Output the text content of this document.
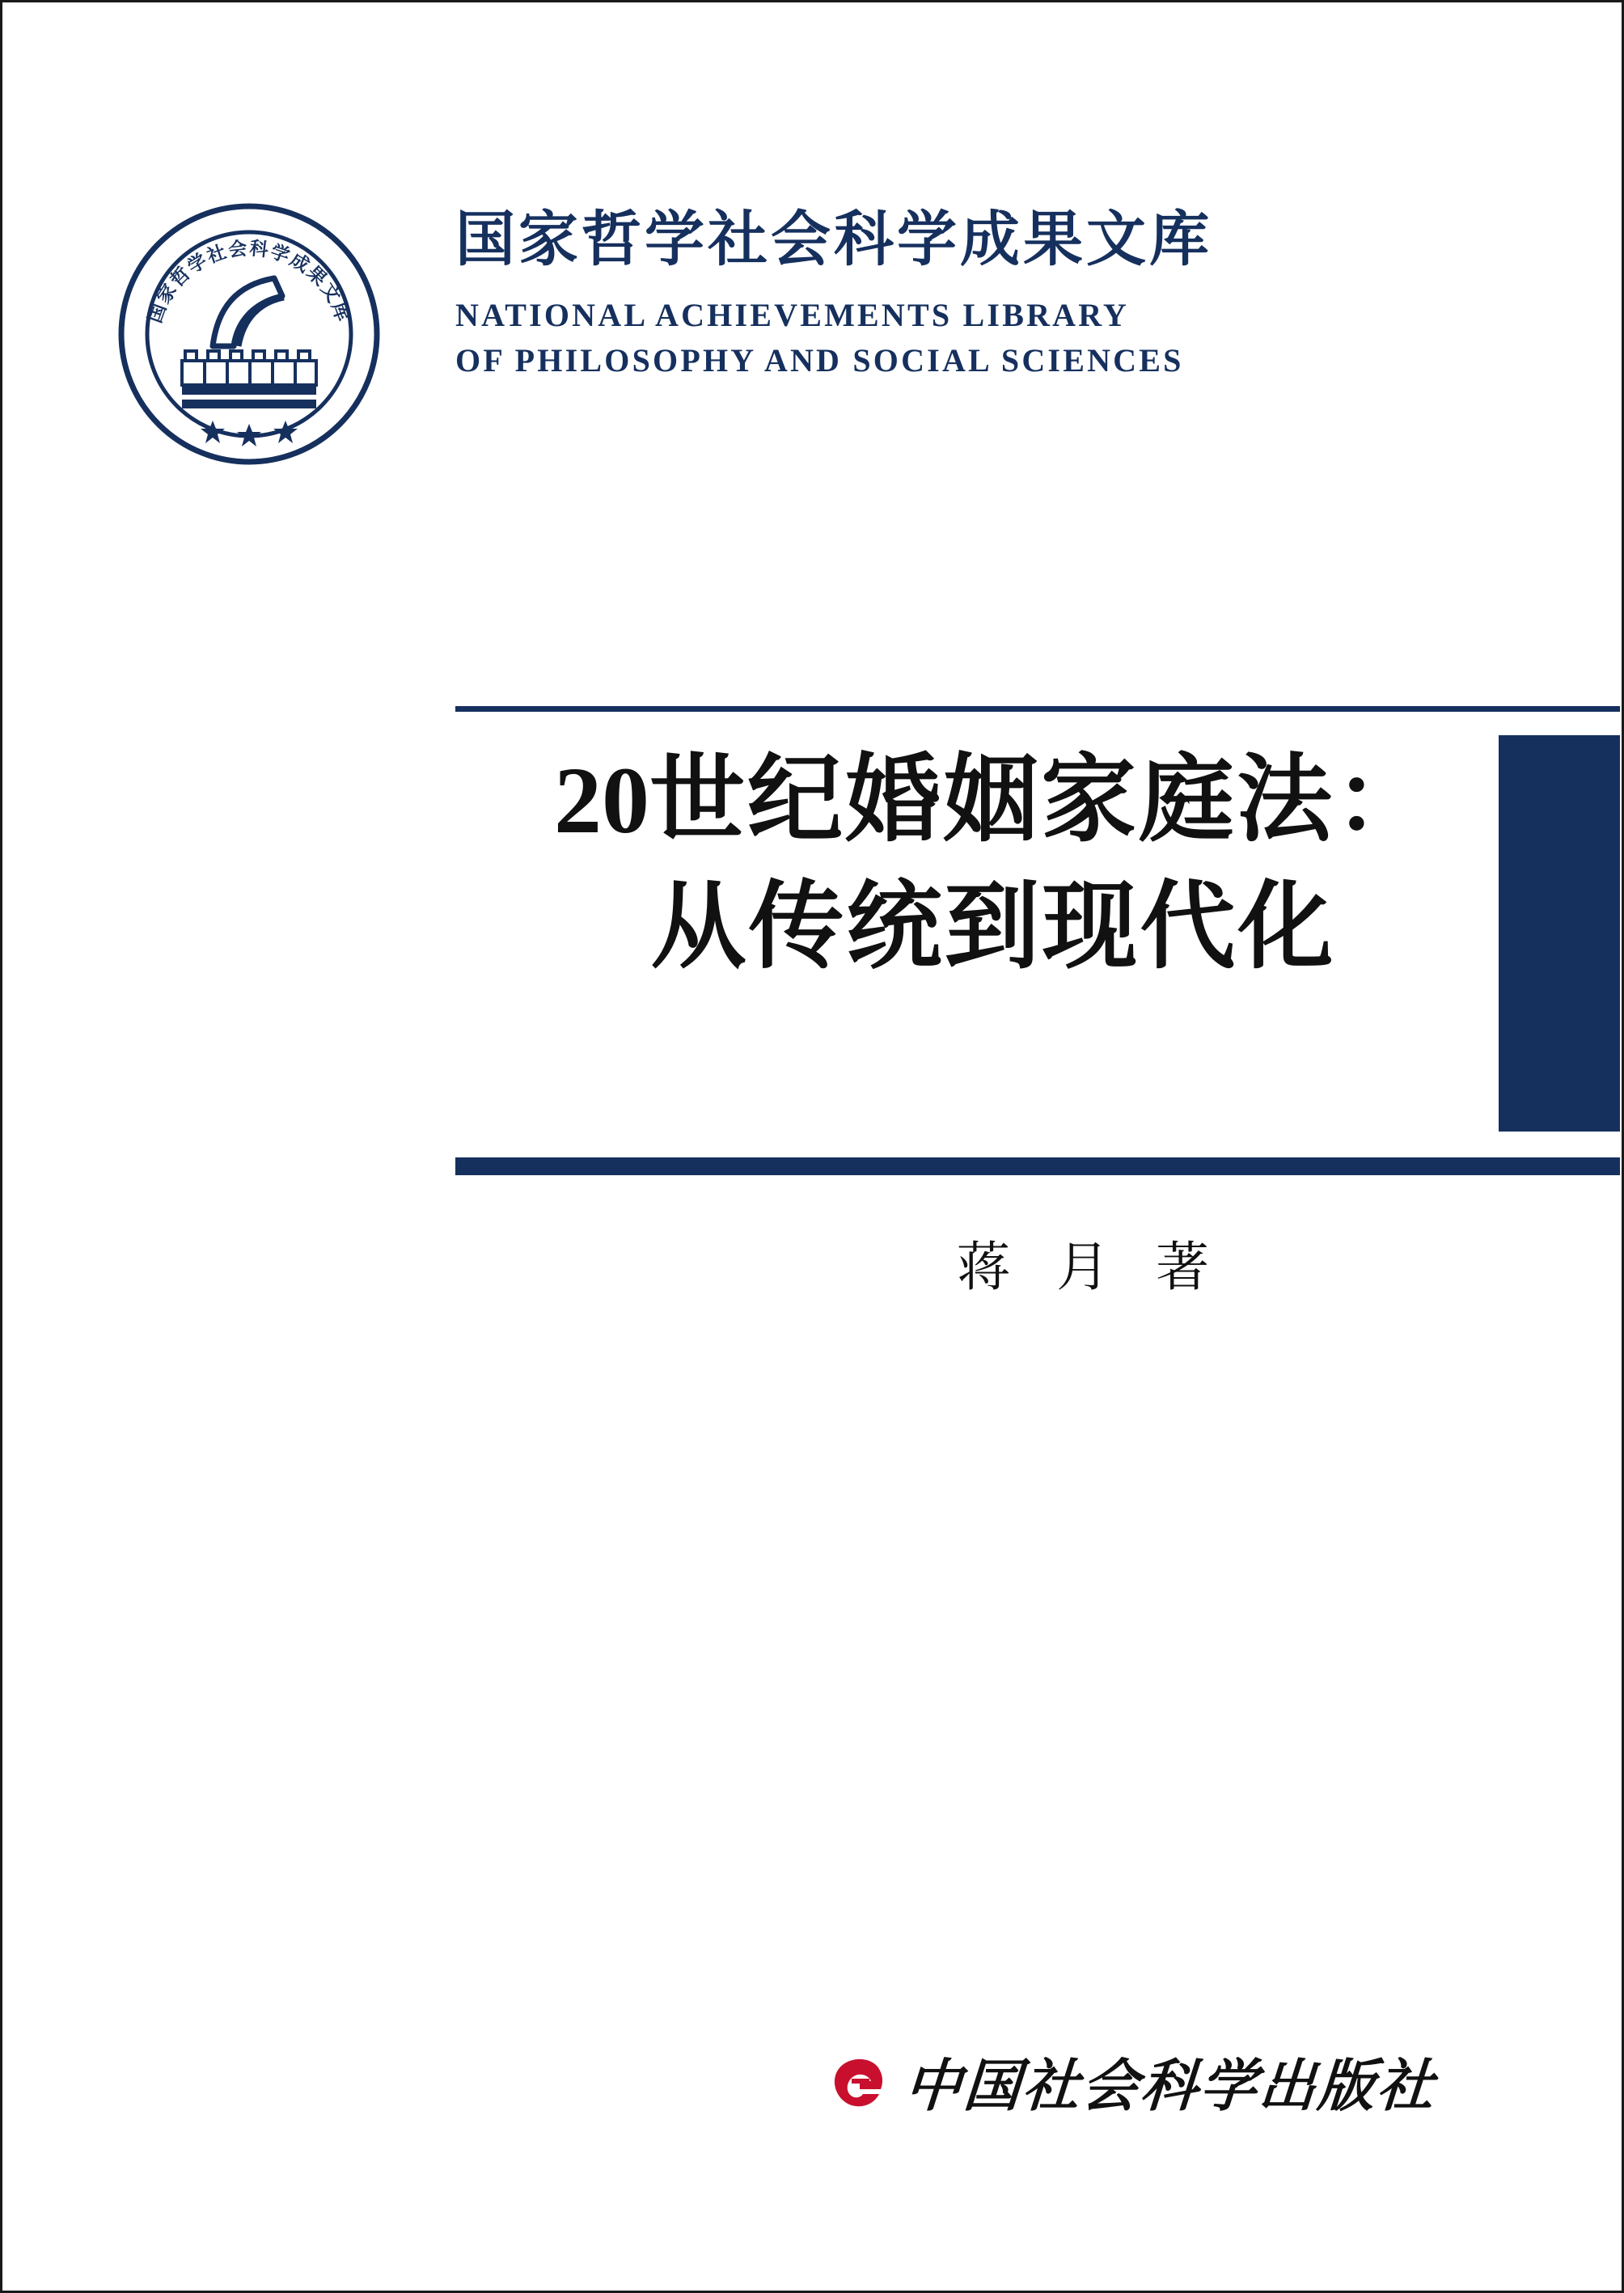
国家哲学社会科学成果文库
国家哲学社会科学成果文库
NATIONAL ACHIEVEMENTS LIBRARY
OF PHILOSOPHY AND SOCIAL SCIENCES
20世纪婚姻家庭法：
从传统到现代化
蒋 月 著
中国社会科学出版社
